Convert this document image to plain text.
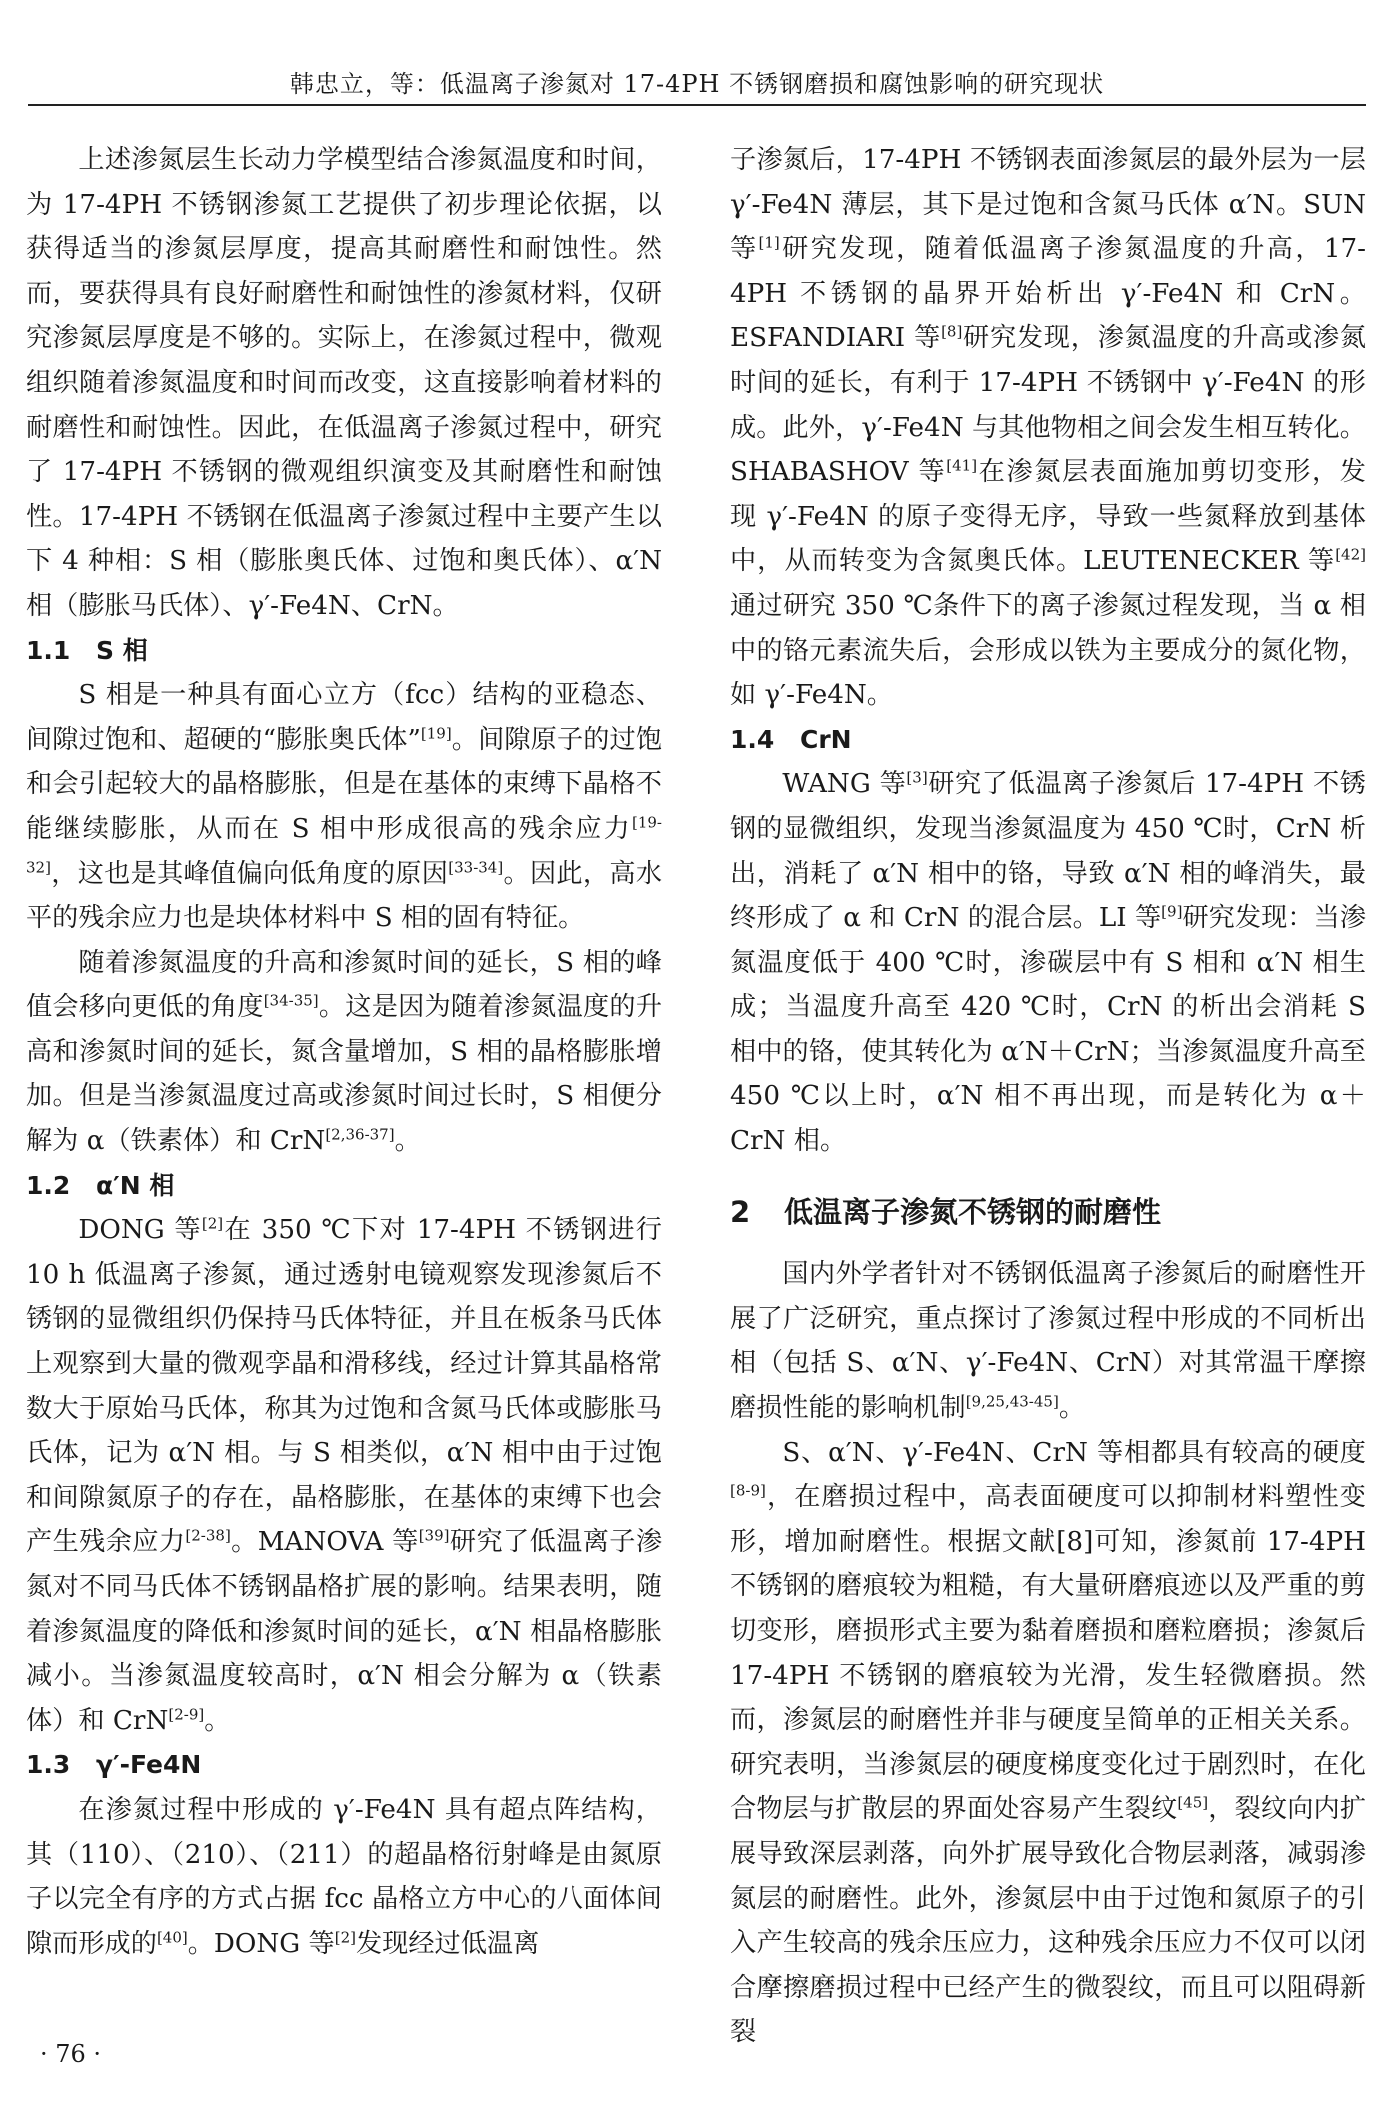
韩忠立，等：低温离子渗氮对 17-4PH 不锈钢磨损和腐蚀影响的研究现状

上述渗氮层生长动力学模型结合渗氮温度和时间，为 17-4PH 不锈钢渗氮工艺提供了初步理论依据，以获得适当的渗氮层厚度，提高其耐磨性和耐蚀性。然而，要获得具有良好耐磨性和耐蚀性的渗氮材料，仅研究渗氮层厚度是不够的。实际上，在渗氮过程中，微观组织随着渗氮温度和时间而改变，这直接影响着材料的耐磨性和耐蚀性。因此，在低温离子渗氮过程中，研究了 17-4PH 不锈钢的微观组织演变及其耐磨性和耐蚀性。17-4PH 不锈钢在低温离子渗氮过程中主要产生以下 4 种相：S 相（膨胀奥氏体、过饱和奥氏体）、α′N 相（膨胀马氏体）、γ′-Fe4N、CrN。

1.1 S 相

S 相是一种具有面心立方（fcc）结构的亚稳态、间隙过饱和、超硬的“膨胀奥氏体”[19]。间隙原子的过饱和会引起较大的晶格膨胀，但是在基体的束缚下晶格不能继续膨胀，从而在 S 相中形成很高的残余应力[19-32]，这也是其峰值偏向低角度的原因[33-34]。因此，高水平的残余应力也是块体材料中 S 相的固有特征。

随着渗氮温度的升高和渗氮时间的延长，S 相的峰值会移向更低的角度[34-35]。这是因为随着渗氮温度的升高和渗氮时间的延长，氮含量增加，S 相的晶格膨胀增加。但是当渗氮温度过高或渗氮时间过长时，S 相便分解为 α（铁素体）和 CrN[2,36-37]。

1.2 α′N 相

DONG 等[2]在 350 ℃下对 17-4PH 不锈钢进行 10 h 低温离子渗氮，通过透射电镜观察发现渗氮后不锈钢的显微组织仍保持马氏体特征，并且在板条马氏体上观察到大量的微观孪晶和滑移线，经过计算其晶格常数大于原始马氏体，称其为过饱和含氮马氏体或膨胀马氏体，记为 α′N 相。与 S 相类似，α′N 相中由于过饱和间隙氮原子的存在，晶格膨胀，在基体的束缚下也会产生残余应力[2-38]。MANOVA 等[39]研究了低温离子渗氮对不同马氏体不锈钢晶格扩展的影响。结果表明，随着渗氮温度的降低和渗氮时间的延长，α′N 相晶格膨胀减小。当渗氮温度较高时，α′N 相会分解为 α（铁素体）和 CrN[2-9]。

1.3 γ′-Fe4N

在渗氮过程中形成的 γ′-Fe4N 具有超点阵结构，其（110）、（210）、（211）的超晶格衍射峰是由氮原子以完全有序的方式占据 fcc 晶格立方中心的八面体间隙而形成的[40]。DONG 等[2]发现经过低温离

子渗氮后，17-4PH 不锈钢表面渗氮层的最外层为一层 γ′-Fe4N 薄层，其下是过饱和含氮马氏体 α′N。SUN 等[1]研究发现，随着低温离子渗氮温度的升高，17-4PH 不锈钢的晶界开始析出 γ′-Fe4N 和 CrN。ESFANDIARI 等[8]研究发现，渗氮温度的升高或渗氮时间的延长，有利于 17-4PH 不锈钢中 γ′-Fe4N 的形成。此外，γ′-Fe4N 与其他物相之间会发生相互转化。SHABASHOV 等[41]在渗氮层表面施加剪切变形，发现 γ′-Fe4N 的原子变得无序，导致一些氮释放到基体中，从而转变为含氮奥氏体。LEUTENECKER 等[42]通过研究 350 ℃条件下的离子渗氮过程发现，当 α 相中的铬元素流失后，会形成以铁为主要成分的氮化物，如 γ′-Fe4N。

1.4 CrN

WANG 等[3]研究了低温离子渗氮后 17-4PH 不锈钢的显微组织，发现当渗氮温度为 450 ℃时，CrN 析出，消耗了 α′N 相中的铬，导致 α′N 相的峰消失，最终形成了 α 和 CrN 的混合层。LI 等[9]研究发现：当渗氮温度低于 400 ℃时，渗碳层中有 S 相和 α′N 相生成；当温度升高至 420 ℃时，CrN 的析出会消耗 S 相中的铬，使其转化为 α′N＋CrN；当渗氮温度升高至 450 ℃以上时，α′N 相不再出现，而是转化为 α＋CrN 相。

2 低温离子渗氮不锈钢的耐磨性

国内外学者针对不锈钢低温离子渗氮后的耐磨性开展了广泛研究，重点探讨了渗氮过程中形成的不同析出相（包括 S、α′N、γ′-Fe4N、CrN）对其常温干摩擦磨损性能的影响机制[9,25,43-45]。

S、α′N、γ′-Fe4N、CrN 等相都具有较高的硬度[8-9]，在磨损过程中，高表面硬度可以抑制材料塑性变形，增加耐磨性。根据文献[8]可知，渗氮前 17-4PH 不锈钢的磨痕较为粗糙，有大量研磨痕迹以及严重的剪切变形，磨损形式主要为黏着磨损和磨粒磨损；渗氮后 17-4PH 不锈钢的磨痕较为光滑，发生轻微磨损。然而，渗氮层的耐磨性并非与硬度呈简单的正相关关系。研究表明，当渗氮层的硬度梯度变化过于剧烈时，在化合物层与扩散层的界面处容易产生裂纹[45]，裂纹向内扩展导致深层剥落，向外扩展导致化合物层剥落，减弱渗氮层的耐磨性。此外，渗氮层中由于过饱和氮原子的引入产生较高的残余压应力，这种残余压应力不仅可以闭合摩擦磨损过程中已经产生的微裂纹，而且可以阻碍新裂

· 76 ·
